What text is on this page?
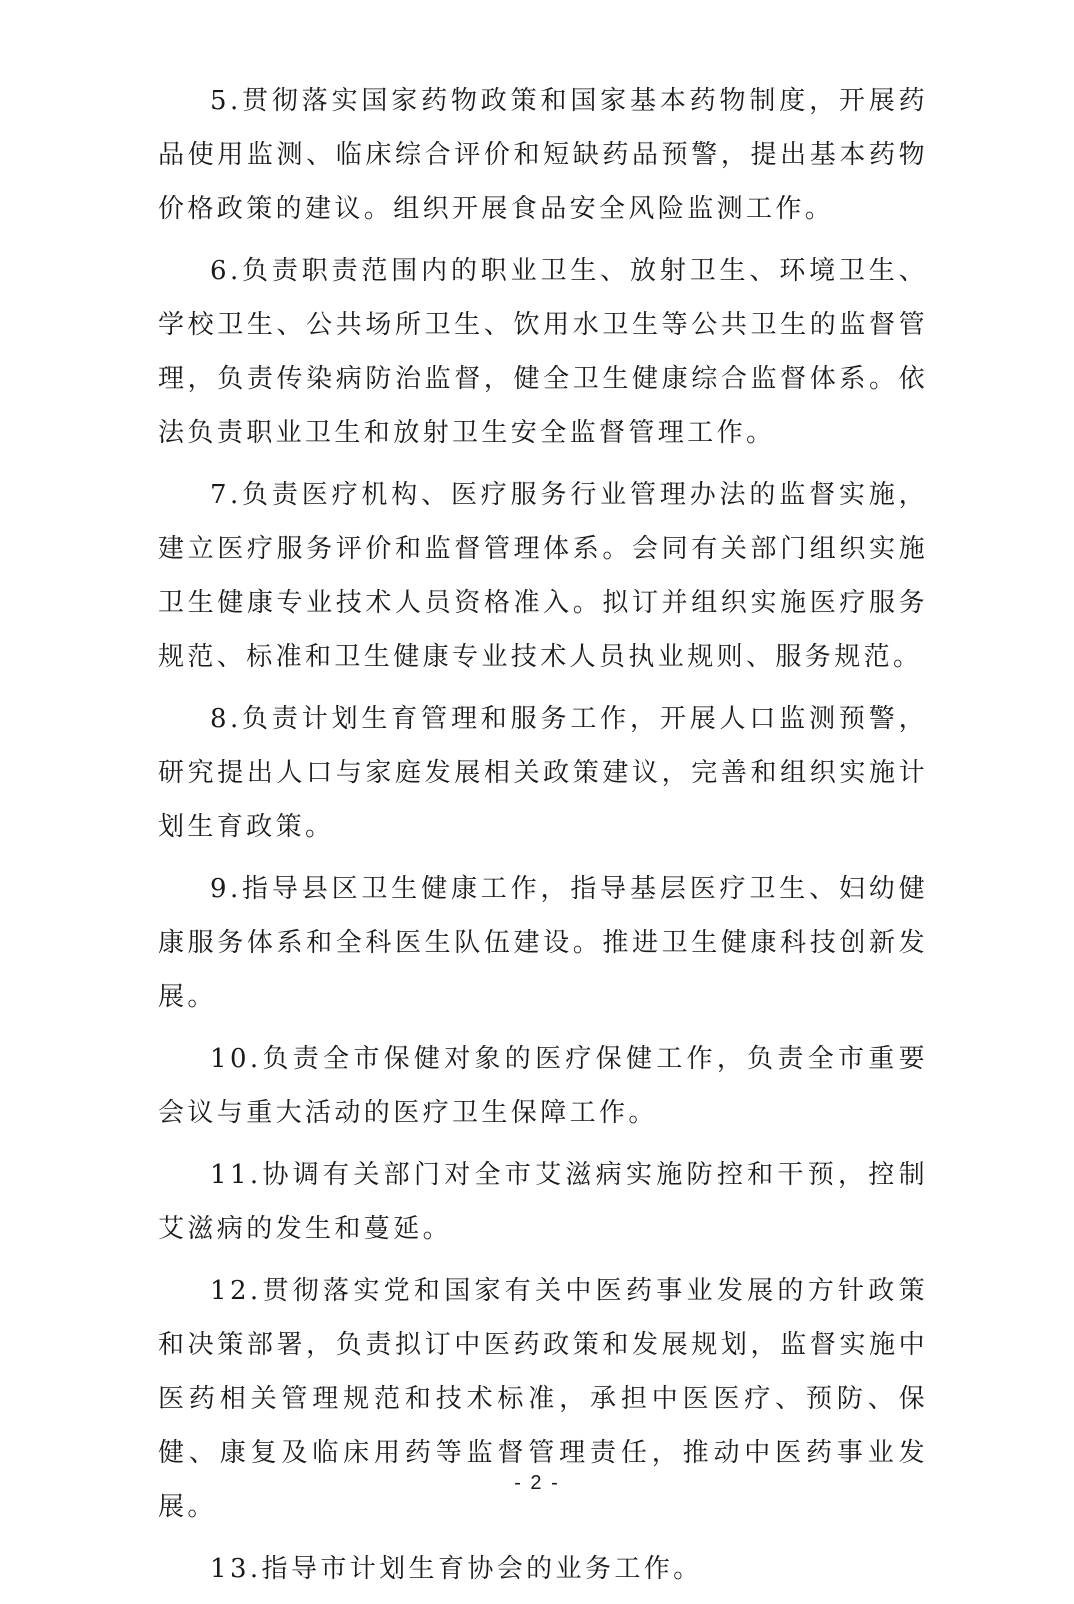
5.贯彻落实国家药物政策和国家基本药物制度，开展药品使用监测、临床综合评价和短缺药品预警，提出基本药物价格政策的建议。组织开展食品安全风险监测工作。

6.负责职责范围内的职业卫生、放射卫生、环境卫生、学校卫生、公共场所卫生、饮用水卫生等公共卫生的监督管理，负责传染病防治监督，健全卫生健康综合监督体系。依法负责职业卫生和放射卫生安全监督管理工作。

7.负责医疗机构、医疗服务行业管理办法的监督实施，建立医疗服务评价和监督管理体系。会同有关部门组织实施卫生健康专业技术人员资格准入。拟订并组织实施医疗服务规范、标准和卫生健康专业技术人员执业规则、服务规范。

8.负责计划生育管理和服务工作，开展人口监测预警，研究提出人口与家庭发展相关政策建议，完善和组织实施计划生育政策。

9.指导县区卫生健康工作，指导基层医疗卫生、妇幼健康服务体系和全科医生队伍建设。推进卫生健康科技创新发展。

10.负责全市保健对象的医疗保健工作，负责全市重要会议与重大活动的医疗卫生保障工作。

11.协调有关部门对全市艾滋病实施防控和干预，控制艾滋病的发生和蔓延。

12.贯彻落实党和国家有关中医药事业发展的方针政策和决策部署，负责拟订中医药政策和发展规划，监督实施中医药相关管理规范和技术标准，承担中医医疗、预防、保健、康复及临床用药等监督管理责任，推动中医药事业发展。

13.指导市计划生育协会的业务工作。

- 2 -
